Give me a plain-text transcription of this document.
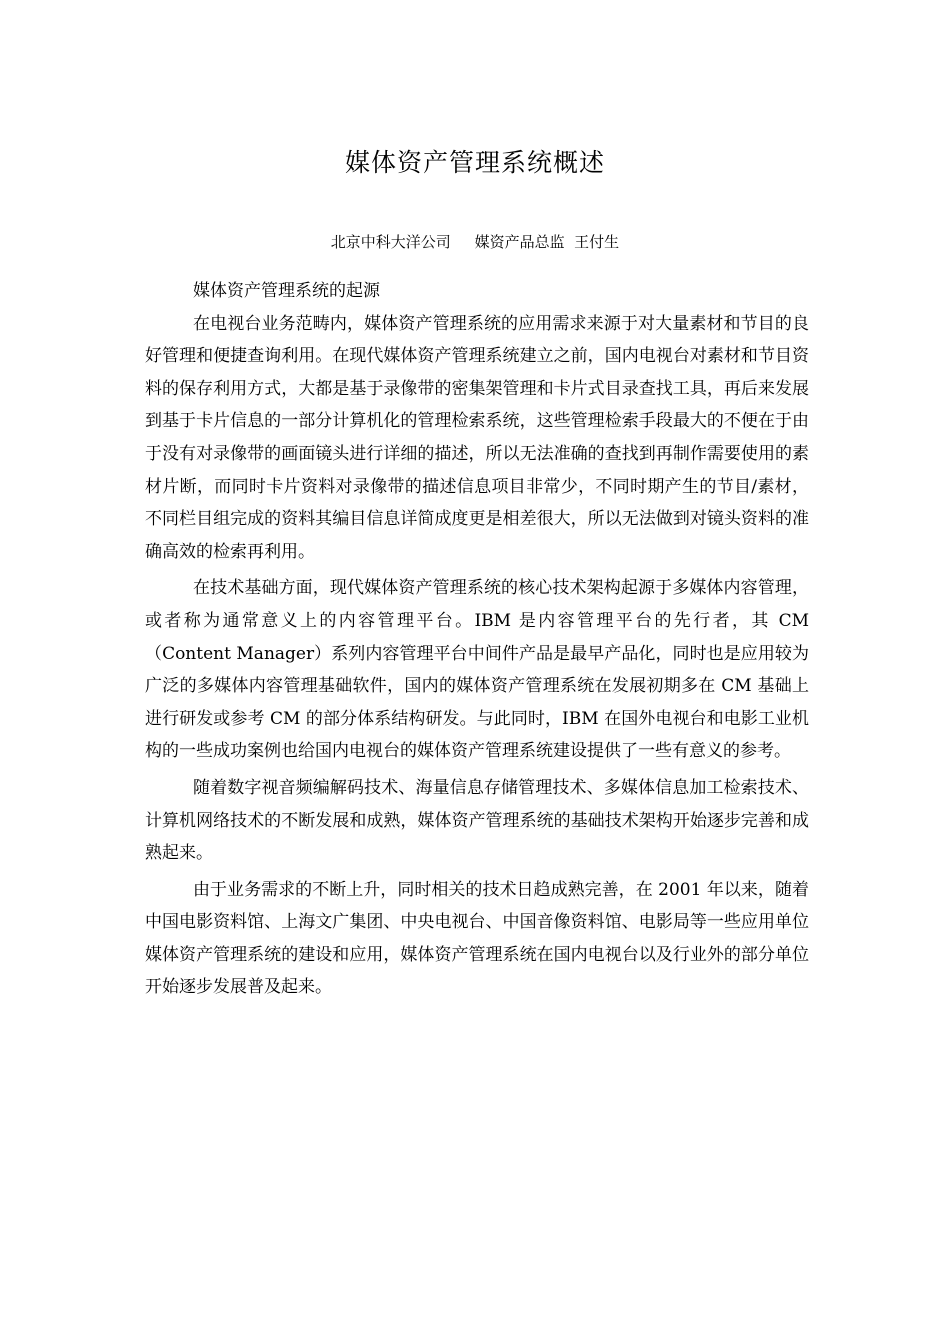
媒体资产管理系统概述
北京中科大洋公司     媒资产品总监  王付生
媒体资产管理系统的起源

在电视台业务范畴内，媒体资产管理系统的应用需求来源于对大量素材和节目的良好管理和便捷查询利用。在现代媒体资产管理系统建立之前，国内电视台对素材和节目资料的保存利用方式，大都是基于录像带的密集架管理和卡片式目录查找工具，再后来发展到基于卡片信息的一部分计算机化的管理检索系统，这些管理检索手段最大的不便在于由于没有对录像带的画面镜头进行详细的描述，所以无法准确的查找到再制作需要使用的素材片断，而同时卡片资料对录像带的描述信息项目非常少，不同时期产生的节目/素材，不同栏目组完成的资料其编目信息详简成度更是相差很大，所以无法做到对镜头资料的准确高效的检索再利用。

在技术基础方面，现代媒体资产管理系统的核心技术架构起源于多媒体内容管理，或者称为通常意义上的内容管理平台。IBM 是内容管理平台的先行者，其 CM（Content Manager）系列内容管理平台中间件产品是最早产品化，同时也是应用较为广泛的多媒体内容管理基础软件，国内的媒体资产管理系统在发展初期多在 CM 基础上进行研发或参考 CM 的部分体系结构研发。与此同时，IBM 在国外电视台和电影工业机构的一些成功案例也给国内电视台的媒体资产管理系统建设提供了一些有意义的参考。

随着数字视音频编解码技术、海量信息存储管理技术、多媒体信息加工检索技术、计算机网络技术的不断发展和成熟，媒体资产管理系统的基础技术架构开始逐步完善和成熟起来。

由于业务需求的不断上升，同时相关的技术日趋成熟完善，在 2001 年以来，随着中国电影资料馆、上海文广集团、中央电视台、中国音像资料馆、电影局等一些应用单位媒体资产管理系统的建设和应用，媒体资产管理系统在国内电视台以及行业外的部分单位开始逐步发展普及起来。
